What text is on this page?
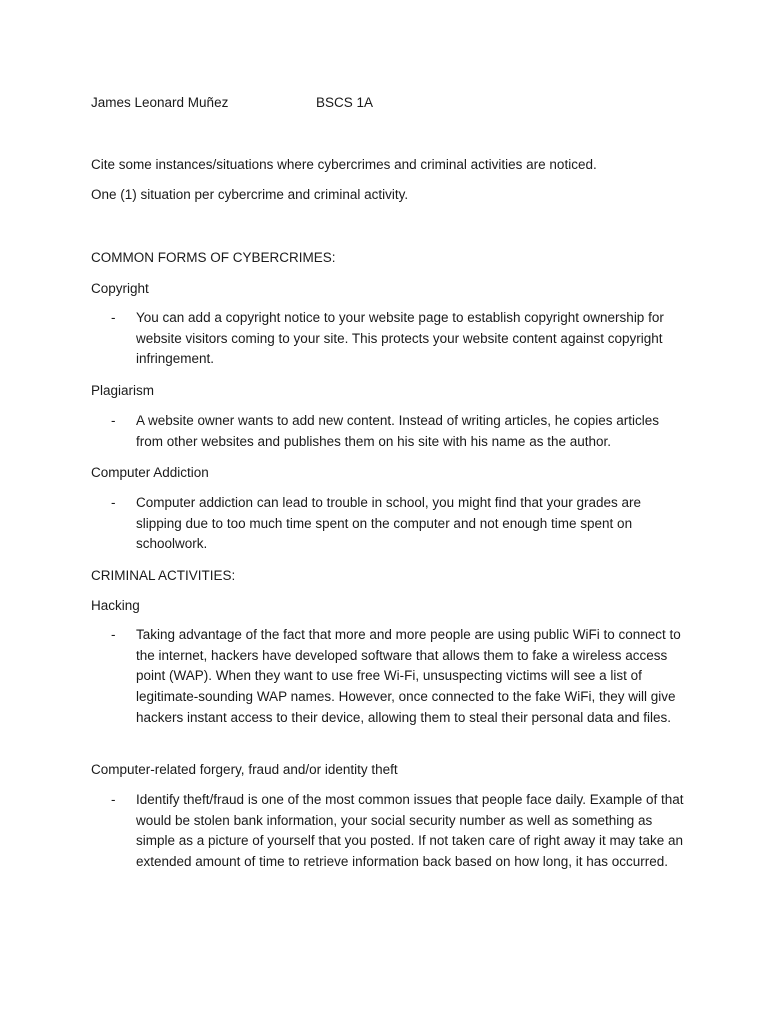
James Leonard Muñez	BSCS 1A
Cite some instances/situations where cybercrimes and criminal activities are noticed.
One (1) situation per cybercrime and criminal activity.
COMMON FORMS OF CYBERCRIMES:
Copyright
- You can add a copyright notice to your website page to establish copyright ownership for website visitors coming to your site. This protects your website content against copyright infringement.
Plagiarism
- A website owner wants to add new content. Instead of writing articles, he copies articles from other websites and publishes them on his site with his name as the author.
Computer Addiction
- Computer addiction can lead to trouble in school, you might find that your grades are slipping due to too much time spent on the computer and not enough time spent on schoolwork.
CRIMINAL ACTIVITIES:
Hacking
- Taking advantage of the fact that more and more people are using public WiFi to connect to the internet, hackers have developed software that allows them to fake a wireless access point (WAP). When they want to use free Wi-Fi, unsuspecting victims will see a list of legitimate-sounding WAP names. However, once connected to the fake WiFi, they will give hackers instant access to their device, allowing them to steal their personal data and files.
Computer-related forgery, fraud and/or identity theft
- Identify theft/fraud is one of the most common issues that people face daily. Example of that would be stolen bank information, your social security number as well as something as simple as a picture of yourself that you posted. If not taken care of right away it may take an extended amount of time to retrieve information back based on how long, it has occurred.
